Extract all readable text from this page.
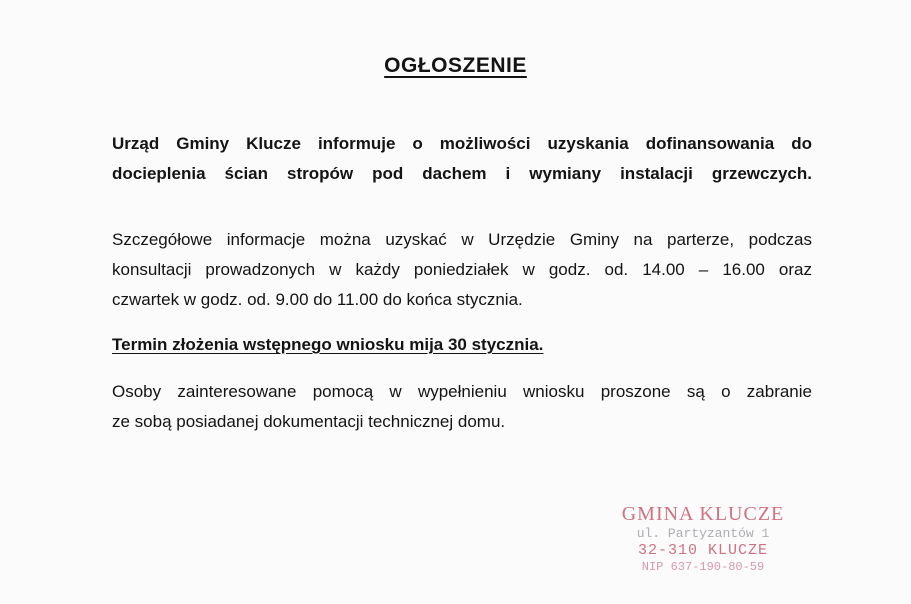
OGŁOSZENIE

Urząd Gminy Klucze informuje o możliwości uzyskania dofinansowania do
docieplenia ścian stropów pod dachem i wymiany instalacji grzewczych.

Szczegółowe informacje można uzyskać w Urzędzie Gminy na parterze, podczas
konsultacji prowadzonych w każdy poniedziałek w godz. od. 14.00 – 16.00 oraz
czwartek w godz. od. 9.00 do 11.00 do końca stycznia.

Termin złożenia wstępnego wniosku mija 30 stycznia.

Osoby zainteresowane pomocą w wypełnieniu wniosku proszone są o zabranie
ze sobą posiadanej dokumentacji technicznej domu.

GMINA KLUCZE
ul. Partyzantów 1
32-310 KLUCZE
NIP 637-190-80-59
